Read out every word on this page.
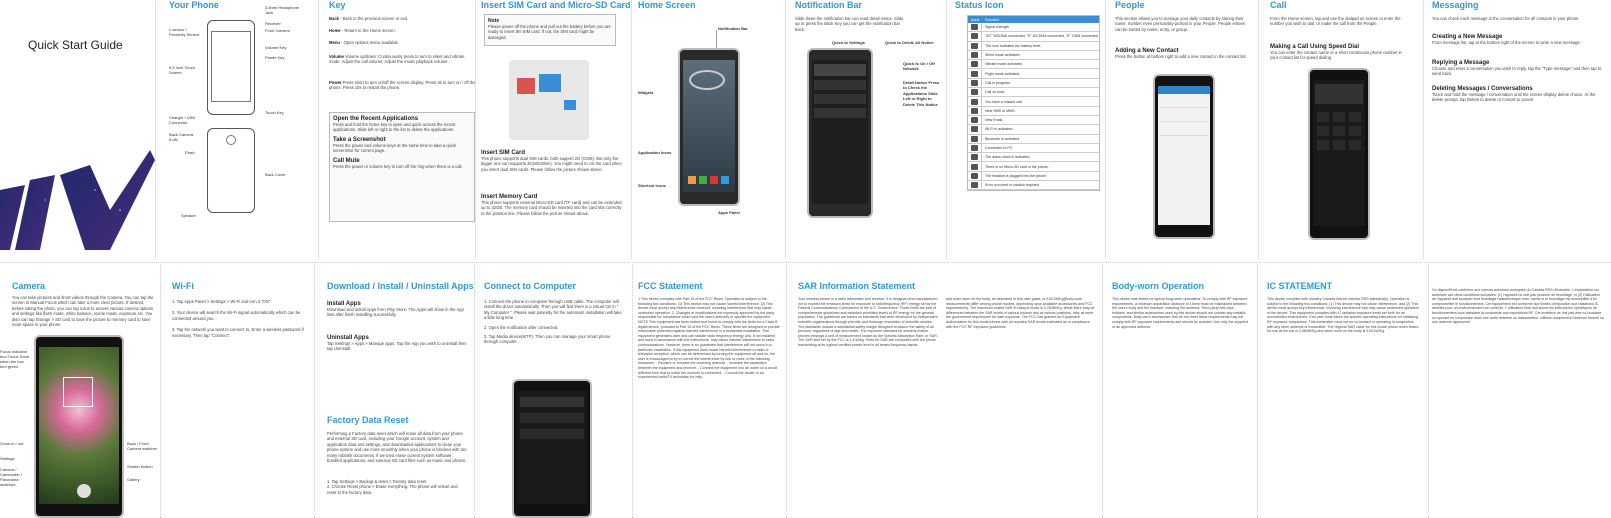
Quick Start Guide
Your Phone	3.5mm Headphone Jack
Receiver
Front Camera
L-sensor / Proximity Sensor
Volume Key
Power Key
5.5 Inch Touch Screen
Touch Key
Charger / USB Connector
Back Camera 8.0M
Flash
Back Cover
Speaker
Key
Back - Back to the previous screen or exit.
Home - Return to the Home screen.
Menu - Open options menu available.
Volume Volume up/down: Continuously press to turn to silent and vibrate mode. Adjust the call volume; Adjust the music playback volume.
Power Press short to turn on/off the screen display. Press 3s to turn on / off the phone. Press 10s to restart the phone.
Open the Recent Applications
Press and hold the home key to open and quick access the recent applications. Slide left or right to the list to delete the applications.
Take a Screenshot
Press the power and volume keys at the same time to take a quick screenshot for current page.
Call Mute
Press the power or volume key to turn off the ring when there is a call.
Insert SIM Card and Micro-SD Card
Note
Please power off the phone and pull out the battery before you are ready to insert the SIM card. If not, the SIM card might be damaged.
Insert SIM Card
This phone supports dual SIM cards, both support 2G (GSM). But only the bigger one can supports 3G(WCDMA). You might need to cut the card when you insert dual SIM cards. Please follow the picture shows above.
Insert Memory Card
This phone supports external Micro-SD card (TF card) and can be extended up to 32GB. The memory card should be inserted into the card slot correctly to the position line. Please follow the picture shows above.
Home Screen
Notification Bar
Widgets
Application Icons
Shortcut Icons
Apps Panel
Notification Bar
Slide down the notification bar can read detail notice. Slide up or press the Back Key you can get the notification bar back.
Quick to Settings	Quick to Delete All Notice
Quick to On / Off Network
Detail Notice Press to Check the Applications Slide Left or Right to Delete This Notice
Status Icon
Icons	Function
Signal strength
"3G" WCDMA connected, "E" WCDMA connected, "E" GSM connected
The icon indicates the battery level.
Silent mode activated.
Vibrate mode activated.
Flight mode activated.
Call in progress.
Call on hold.
You have a missed call.
New SMS or MMS.
New Email.
Wi-Fi is activated.
Bluetooth is activated.
Connected to PC.
The alarm clock is activated.
There is no Micro-SD card in the phone.
The headset is plugged into the phone.
Error occurred or caution required.
People
This section allows you to manage your daily contacts by storing their name, number even personality portrait in your People. People entries can be sorted by name, entry, or group.
Adding a New Contact
Press the button at bottom right to add a new contact in the contact list.
Call
From the Home screen, tap and use the dialpad on screen to enter the number you wish to dial, or make the call from the People.
Making a Call Using Speed Dial
You can enter the contact name or a short continuous phone number in your contact list for speed dialing.
Messaging
You can check each message in the conversation for all contacts in your phone.
Creating a New Message
From message list, tap at the bottom right of the screen to write a new message.
Replying a Message
Choose and enter a conversation you wish to reply, tap the "Type message" and then tap to send back.
Deleting Messages / Conversations
Touch and hold the message / conversation until the screen display delete choice. At the delete prompt, tap Delete to delete or Cancel to cancel.
Camera
You can take pictures and short videos through the Camera. You can tap the screen to Manual Focus which can take a more clear picture. If desired, before taking the photo, you can tap icons to access various camera options and settings like flash mode, white balance, scene mode, exposure etc. You also can tap Storage > SD card to save the picture to memory card to save more space in your phone.
Focus indicator box Focus Done when the box turn green.
Zoom in / out
Settings
Camera / Camcorder / Panorama switches
Back / Front Camera switcher
Shutter Button
Gallery
Wi-Fi
1. Tap Apps Panel > Settings > Wi-Fi and turn it "ON".
2. Your device will search the Wi-Fi signal automatically which can be connected around you.
3. Tap the network you want to connect to, Enter a wireless password if necessary. Then tap "Connect".
Download / Install / Uninstall Apps
Install Apps
Download and install Apps from Play Store. The Apps will show in the App lists after finish installing successfully.
Uninstall Apps
Tap Settings > Apps > Manage apps. Tap the App you wish to uninstall then tap Uninstall.
Factory Data Reset
Performing a Factory data reset which will erase all data from your phone and external SD card, including your Google account, system and application data and settings, and downloaded applications to clean your phone system and use more smoothly when your phone is blocked with too many rubbish documents. If we tried erase current system software, bundled applications, and external SD card files such as music and photos.
1. Tap Settings > Backup & reset > Factory data reset
2. Choose Reset phone > Erase everything. The phone will restart and reset to the factory data.
Connect to Computer
1. Connect the phone to computer through USB cable. The computer will install the driver automatically. Then you will find there is a virtual CD in " My Computer ". Please wait patiently for the automatic installation will take a little long time.
2. Open the notification after connected.
3. Tap Media device(MTP). Then you can manage your smart phone through computer.
FCC Statement
1.This device complies with Part 15 of the FCC Rules. Operation is subject to the following two conditions: (1) This device may not cause harmful interference. (2) This device must accept any interference received, including interference that may cause undesired operation. 2. Changes or modifications not expressly approved by the party responsible for compliance could void the user's authority to operate the equipment. NOTE This equipment has been tested and found to comply with the limits for a Class B digital device, pursuant to Part 15 of the FCC Rules. These limits are designed to provide reasonable protection against harmful interference in a residential installation. This equipment generates uses and can radiate radio frequency energy and, if not installed and used in accordance with the instructions, may cause harmful interference to radio communications. However, there is no guarantee that interference will not occur in a particular installation. If this equipment does cause harmful interference to radio or television reception, which can be determined by turning the equipment off and on, the user is encouraged to try to correct the interference by one or more of the following measures: - Reorient or relocate the receiving antenna. - Increase the separation between the equipment and receiver. - Connect the equipment into an outlet on a circuit different from that to which the receiver is connected. - Consult the dealer or an experienced radio/TV technician for help.
SAR Information Statement
Your wireless phone is a radio transmitter and receiver. It is designed and manufactured not to exceed the emission limits for exposure to radiofrequency (RF) energy set by the Federal Communications Commission of the U.S. Government. These limits are part of comprehensive guidelines and establish permitted levels of RF energy for the general population. The guidelines are based on standards that were developed by independent scientific organizations through periodic and thorough evaluation of scientific studies. The standards include a substantial safety margin designed to assure the safety of all persons, regardless of age and health. The exposure standard for wireless mobile phones employs a unit of measurement known as the Specific Absorption Rate, or SAR. The SAR limit set by the FCC is 1.6 W/kg. Tests for SAR are conducted with the phone transmitting at its highest certified power level in all tested frequency bands.
and when worn on the body, as described in this user guide, is 0.621W/Kg(Body-worn measurements differ among phone models, depending upon available accessories and FCC requirements). The maximum scaled SAR in hotspot mode is 0.764W/Kg. While there may be differences between the SAR levels of various phones and at various positions, they all meet the government requirement for safe exposure. The FCC has granted an Equipment Authorization for this model phone with all reported SAR levels evaluated as in compliance with the FCC RF exposure guidelines.
Body-worn Operation
This device was tested for typical body-worn operations. To comply with RF exposure requirements, a minimum separation distance of 15mm must be maintained between the user's body and the handset, including the antenna. Third-party belt-clips, holsters, and similar accessories used by this device should not contain any metallic components. Body-worn accessories that do not meet these requirements may not comply with RF exposure requirements and should be avoided. Use only the supplied or an approved antenna.
IC STATEMENT
This device complies with Industry Canada licence-exempt RSS standard(s). Operation is subject to the following two conditions: (1) This device may not cause interference, and (2) This device must accept any interference, including interference that may cause undesired operation of the device. This equipment complies with IC radiation exposure limits set forth for an uncontrolled environment. End user must follow the specific operating instructions for satisfying RF exposure compliance. This transmitter must not be co-located or operating in conjunction with any other antenna or transmitter. The Highest SAR value for this model phone when tested for use at the ear is 0.584W/Kg and when worn on the body is 0.621W/Kg.
Ce dispositif est conforme aux normes autorisee-exemptes du Canada RSS d'Industrie. L'exploitation est autorisee aux deux conditions suivantes: (1) l'appareil ne doit pas produire de brouillage, et (2) l'utilisateur de l'appareil doit accepter tout brouillage radioelectrique subi, meme si le brouillage est susceptible d'en compromettre le fonctionnement. Cet equipement est conforme aux limites d'exposition aux radiations IC definies pour un environnement non controle. L'utilisateur final doit suivre les instructions specifiques de fonctionnement pour satisfaire la conformite aux expositions RF. Cet emetteur ne doit pas etre co-localisee ou operant en conjonction avec une autre antenne ou transmetteur. Utilisez uniquement l'antenne fournie ou une antenne approuvee.
